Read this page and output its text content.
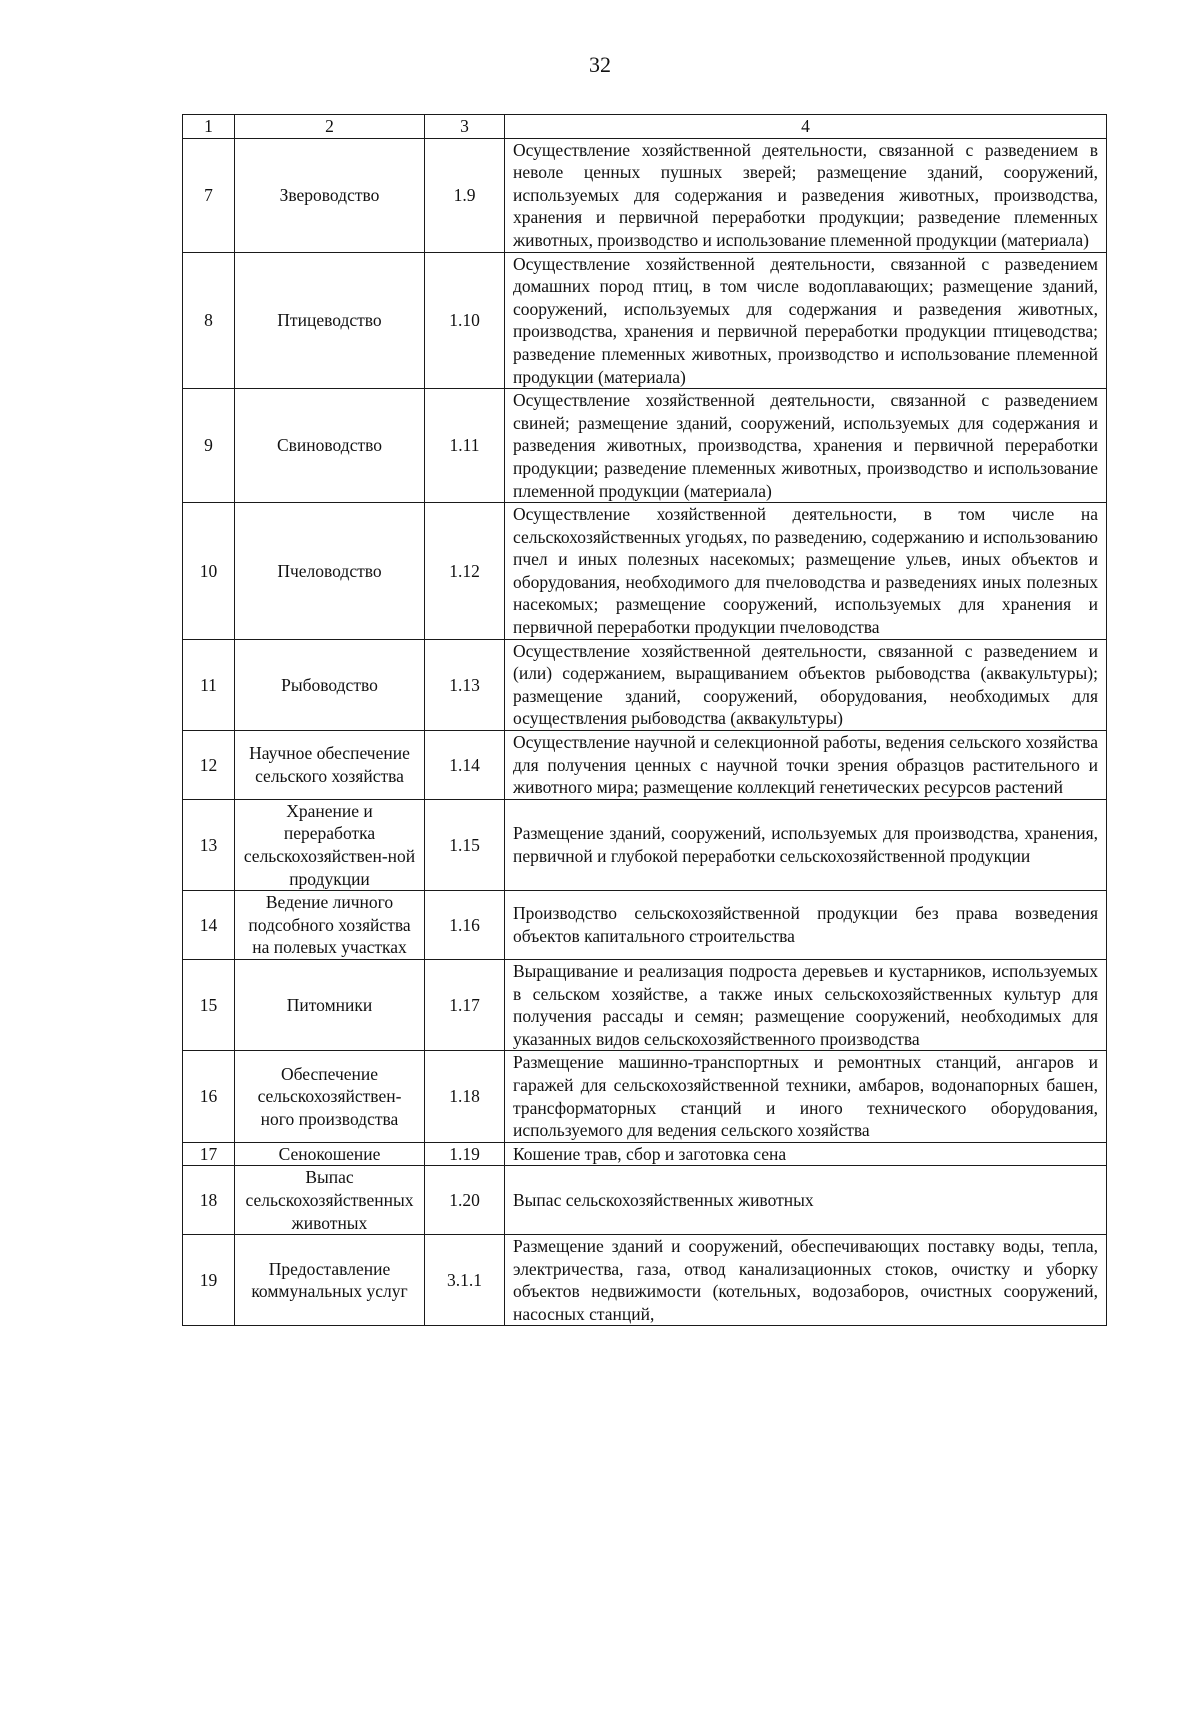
32
1	2	3	4
7	Звероводство	1.9	Осуществление хозяйственной деятельности, связанной с разведением в неволе ценных пушных зверей; размещение зданий, сооружений, используемых для содержания и разведения животных, производства, хранения и первичной переработки продукции; разведение племенных животных, производство и использование племенной продукции (материала)
8	Птицеводство	1.10	Осуществление хозяйственной деятельности, связанной с разведением домашних пород птиц, в том числе водоплавающих; размещение зданий, сооружений, используемых для содержания и разведения животных, производства, хранения и первичной переработки продукции птицеводства; разведение племенных животных, производство и использование племенной продукции (материала)
9	Свиноводство	1.11	Осуществление хозяйственной деятельности, связанной с разведением свиней; размещение зданий, сооружений, используемых для содержания и разведения животных, производства, хранения и первичной переработки продукции; разведение племенных животных, производство и использование племенной продукции (материала)
10	Пчеловодство	1.12	Осуществление хозяйственной деятельности, в том числе на сельскохозяйственных угодьях, по разведению, содержанию и использованию пчел и иных полезных насекомых; размещение ульев, иных объектов и оборудования, необходимого для пчеловодства и разведениях иных полезных насекомых; размещение сооружений, используемых для хранения и первичной переработки продукции пчеловодства
11	Рыбоводство	1.13	Осуществление хозяйственной деятельности, связанной с разведением и (или) содержанием, выращиванием объектов рыбоводства (аквакультуры); размещение зданий, сооружений, оборудования, необходимых для осуществления рыбоводства (аквакультуры)
12	Научное обеспечение сельского хозяйства	1.14	Осуществление научной и селекционной работы, ведения сельского хозяйства для получения ценных с научной точки зрения образцов растительного и животного мира; размещение коллекций генетических ресурсов растений
13	Хранение и переработка сельскохозяйствен-ной продукции	1.15	Размещение зданий, сооружений, используемых для производства, хранения, первичной и глубокой переработки сельскохозяйственной продукции
14	Ведение личного подсобного хозяйства на полевых участках	1.16	Производство сельскохозяйственной продукции без права возведения объектов капитального строительства
15	Питомники	1.17	Выращивание и реализация подроста деревьев и кустарников, используемых в сельском хозяйстве, а также иных сельскохозяйственных культур для получения рассады и семян; размещение сооружений, необходимых для указанных видов сельскохозяйственного производства
16	Обеспечение сельскохозяйствен-ного производства	1.18	Размещение машинно-транспортных и ремонтных станций, ангаров и гаражей для сельскохозяйственной техники, амбаров, водонапорных башен, трансформаторных станций и иного технического оборудования, используемого для ведения сельского хозяйства
17	Сенокошение	1.19	Кошение трав, сбор и заготовка сена
18	Выпас сельскохозяйственных животных	1.20	Выпас сельскохозяйственных животных
19	Предоставление коммунальных услуг	3.1.1	Размещение зданий и сооружений, обеспечивающих поставку воды, тепла, электричества, газа, отвод канализационных стоков, очистку и уборку объектов недвижимости (котельных, водозаборов, очистных сооружений, насосных станций,
